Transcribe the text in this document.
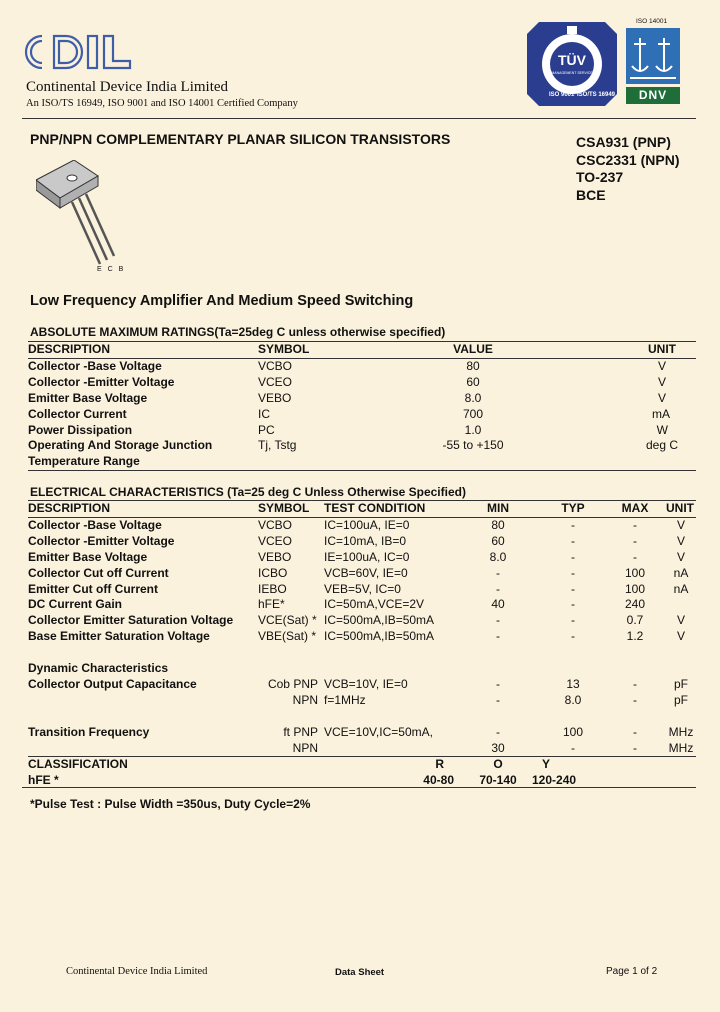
Continental Device India Limited
An ISO/TS 16949, ISO 9001 and ISO 14001 Certified Company
TÜV
MANAGEMENT SERVICE
ISO 9001 ISO/TS 16949
ISO 14001
DNV
PNP/NPN COMPLEMENTARY PLANAR SILICON TRANSISTORS	CSA931 (PNP)
CSC2331 (NPN)
TO-237
BCE
E C B
Low Frequency Amplifier And Medium Speed Switching
ABSOLUTE MAXIMUM RATINGS(Ta=25deg C unless otherwise specified)
DESCRIPTION	SYMBOL	VALUE	UNIT
Collector -Base Voltage	VCBO	80	V
Collector -Emitter Voltage	VCEO	60	V
Emitter Base Voltage	VEBO	8.0	V
Collector Current	IC	700	mA
Power Dissipation	PC	1.0	W
Operating And Storage Junction	Tj, Tstg	-55 to +150	deg C
Temperature Range			
ELECTRICAL CHARACTERISTICS (Ta=25 deg C Unless Otherwise Specified)
DESCRIPTION	SYMBOL	TEST CONDITION	MIN	TYP	MAX	UNIT
Collector -Base Voltage	VCBO	IC=100uA, IE=0	80	-	-	V
Collector -Emitter Voltage	VCEO	IC=10mA, IB=0	60	-	-	V
Emitter Base Voltage	VEBO	IE=100uA, IC=0	8.0	-	-	V
Collector Cut off Current	ICBO	VCB=60V, IE=0	-	-	100	nA
Emitter Cut off Current	IEBO	VEB=5V, IC=0	-	-	100	nA
DC Current Gain	hFE*	IC=50mA,VCE=2V	40	-	240	
Collector Emitter Saturation Voltage	VCE(Sat) *	IC=500mA,IB=50mA	-	-	0.7	V
Base Emitter Saturation Voltage	VBE(Sat) *	IC=500mA,IB=50mA	-	-	1.2	V

Dynamic Characteristics
Collector Output Capacitance	Cob PNP	VCB=10V, IE=0	-	13	-	pF
	NPN	f=1MHz	-	8.0	-	pF

Transition Frequency	ft PNP	VCE=10V,IC=50mA,	-	100	-	MHz
	NPN		30	-	-	MHz
CLASSIFICATION		R	O	Y		
hFE *		40-80	70-140	120-240		
*Pulse Test : Pulse Width =350us, Duty Cycle=2%
Continental Device India Limited	Data Sheet	Page 1 of 2
